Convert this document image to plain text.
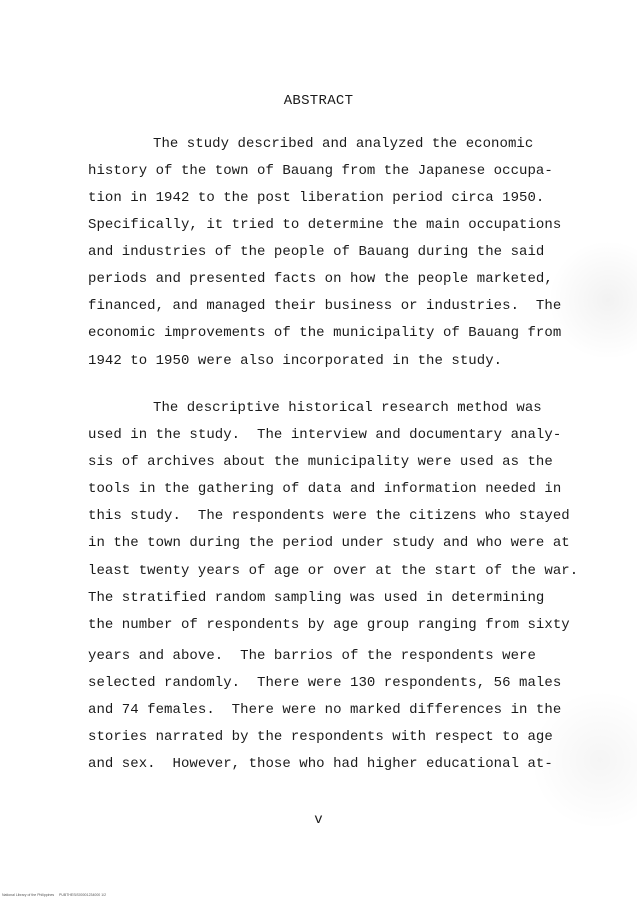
ABSTRACT
The study described and analyzed the economic
history of the town of Bauang from the Japanese occupa-
tion in 1942 to the post liberation period circa 1950.
Specifically, it tried to determine the main occupations
and industries of the people of Bauang during the said
periods and presented facts on how the people marketed,
financed, and managed their business or industries.  The
economic improvements of the municipality of Bauang from
1942 to 1950 were also incorporated in the study.
The descriptive historical research method was
used in the study.  The interview and documentary analy-
sis of archives about the municipality were used as the
tools in the gathering of data and information needed in
this study.  The respondents were the citizens who stayed
in the town during the period under study and who were at
least twenty years of age or over at the start of the war.
The stratified random sampling was used in determining
the number of respondents by age group ranging from sixty
years and above.  The barrios of the respondents were
selected randomly.  There were 130 respondents, 56 males
and 74 females.  There were no marked differences in the
stories narrated by the respondents with respect to age
and sex.  However, those who had higher educational at-
v
National Library of the Philippines     PUBTHESIS00001234000 1/2
